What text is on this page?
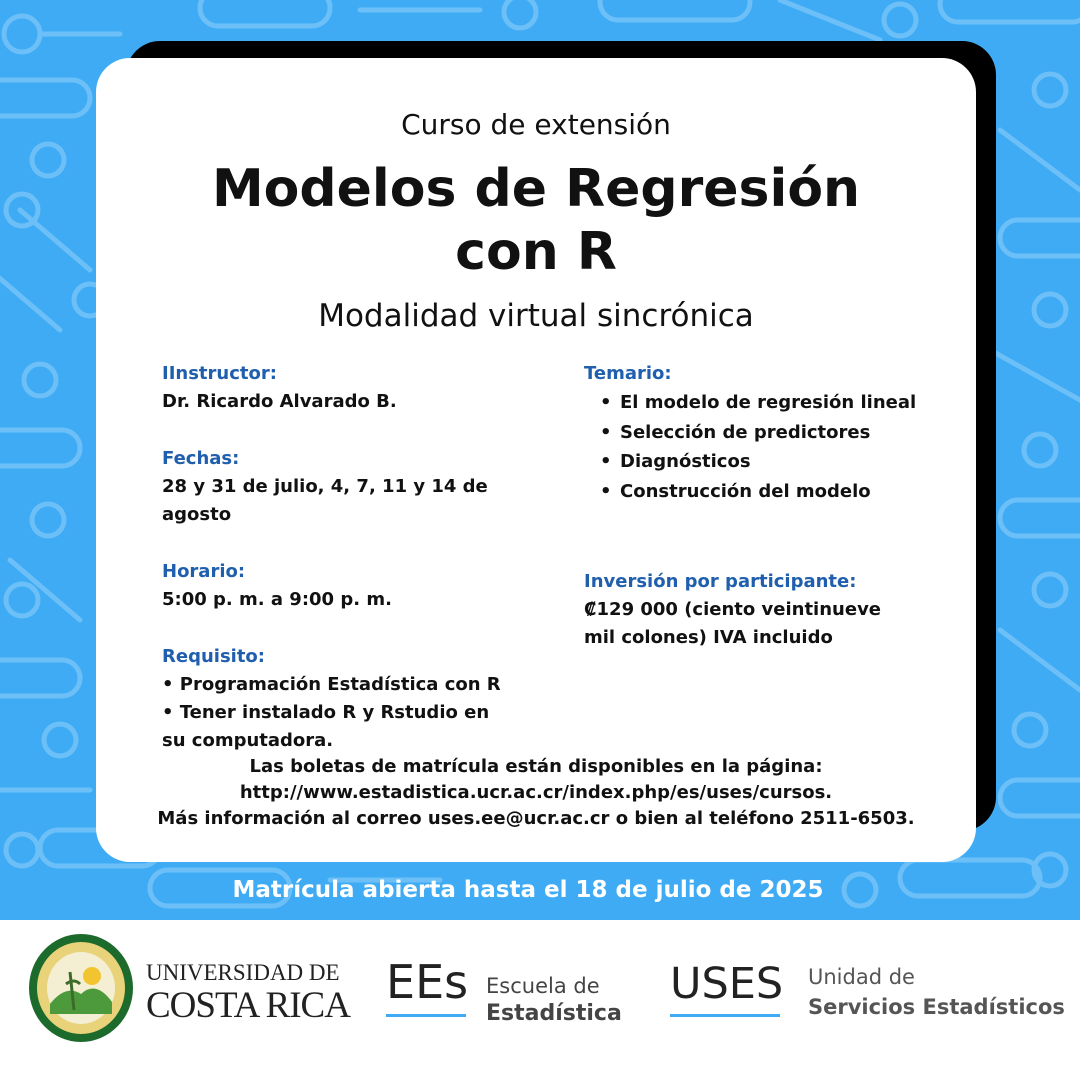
Curso de extensión
Modelos de Regresión
con R
Modalidad virtual sincrónica
IInstructor:
Dr. Ricardo Alvarado B.
Fechas:
28 y 31 de julio, 4, 7, 11 y 14 de agosto
Horario:
5:00 p. m. a 9:00 p. m.
Requisito:
• Programación Estadística con R
• Tener instalado R y Rstudio en
su computadora.
Temario:
• El modelo de regresión lineal
• Selección de predictores
• Diagnósticos
• Construcción del modelo
Inversión por participante:
₡129 000 (ciento veintinueve
mil colones) IVA incluido
Las boletas de matrícula están disponibles en la página:
http://www.estadistica.ucr.ac.cr/index.php/es/uses/cursos.
Más información al correo uses.ee@ucr.ac.cr o bien al teléfono 2511-6503.
Matrícula abierta hasta el 18 de julio de 2025
UNIVERSIDAD DE
COSTA RICA EEs Escuela de
Estadística
USES Unidad de
Servicios Estadísticos
